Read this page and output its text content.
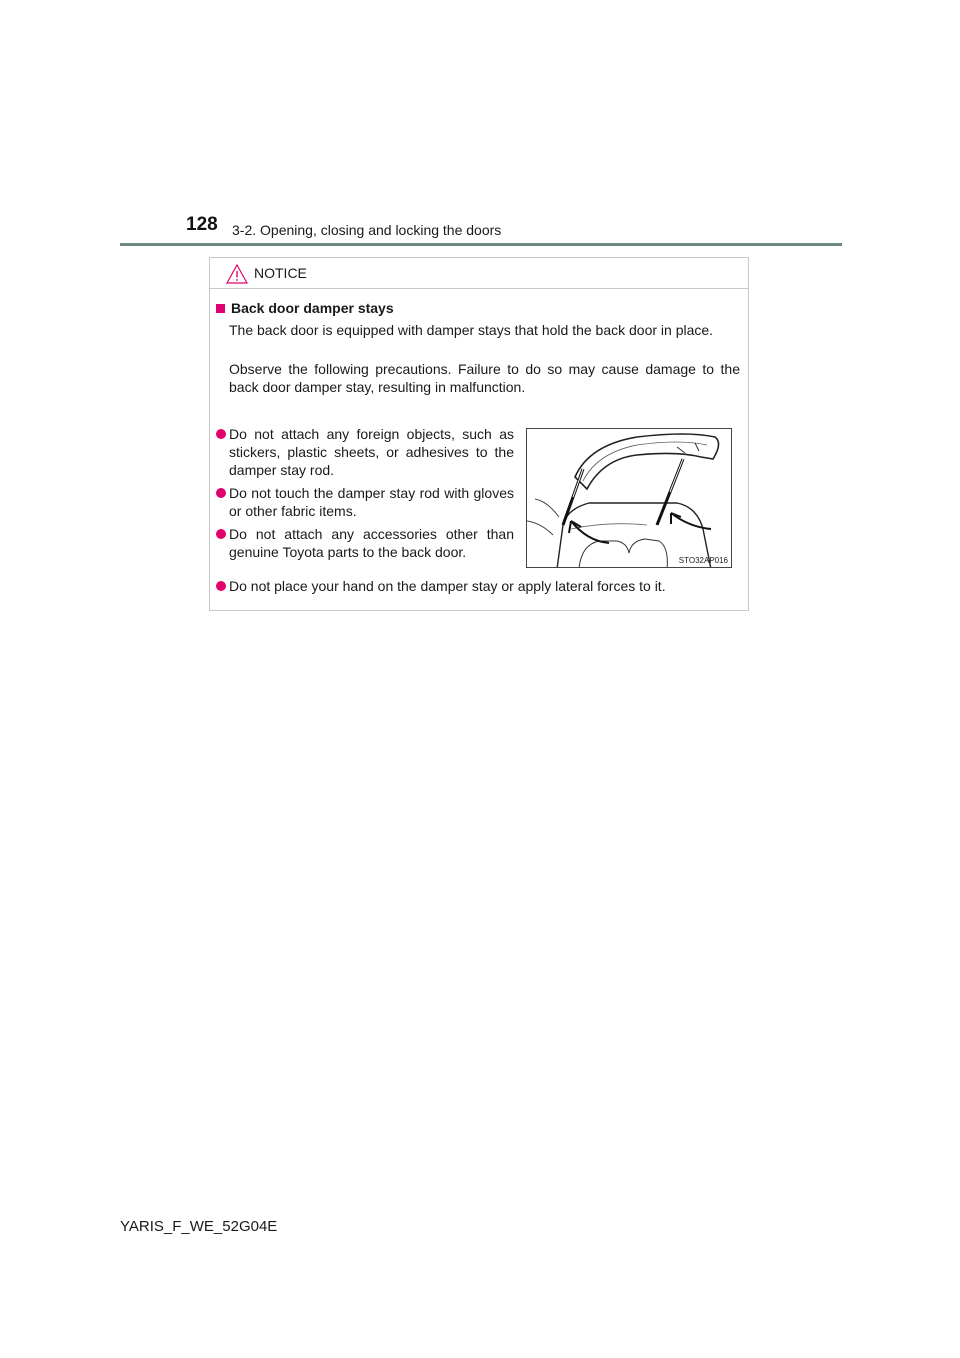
128 3-2. Opening, closing and locking the doors
NOTICE
Back door damper stays
The back door is equipped with damper stays that hold the back door in place.
Observe the following precautions. Failure to do so may cause damage to the back door damper stay, resulting in malfunction.
Do not attach any foreign objects, such as stickers, plastic sheets, or adhesives to the damper stay rod.
Do not touch the damper stay rod with gloves or other fabric items.
Do not attach any accessories other than genuine Toyota parts to the back door.
Do not place your hand on the damper stay or apply lateral forces to it.
STO32AP016
YARIS_F_WE_52G04E
